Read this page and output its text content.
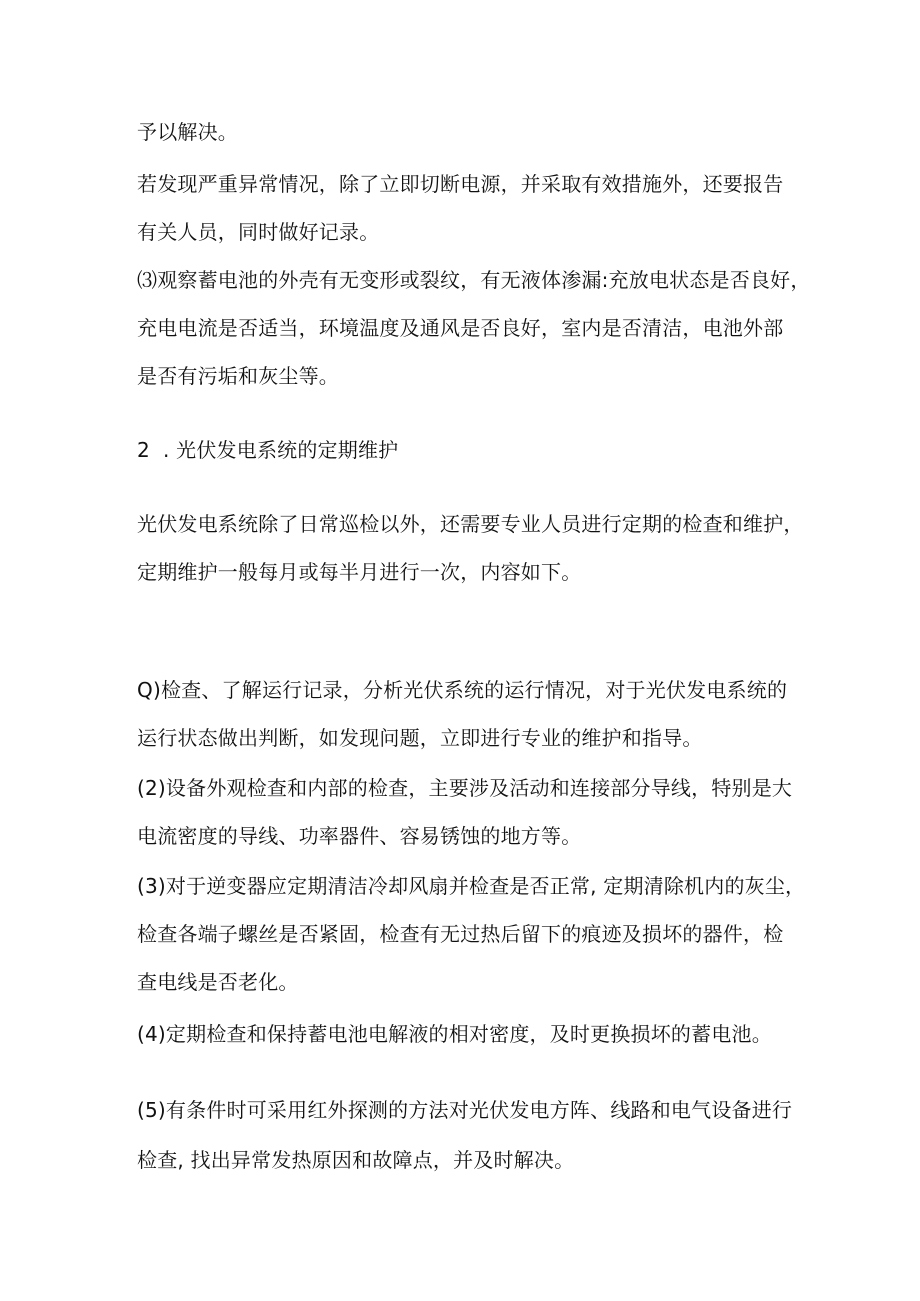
予以解决。
若发现严重异常情况，除了立即切断电源，并采取有效措施外，还要报告
有关人员，同时做好记录。
⑶观察蓄电池的外壳有无变形或裂纹，有无液体渗漏:充放电状态是否良好，
充电电流是否适当，环境温度及通风是否良好，室内是否清洁，电池外部
是否有污垢和灰尘等。
2  . 光伏发电系统的定期维护
光伏发电系统除了日常巡检以外，还需要专业人员进行定期的检查和维护，
定期维护一般每月或每半月进行一次，内容如下。
Q)检查、了解运行记录，分析光伏系统的运行情况，对于光伏发电系统的
运行状态做出判断，如发现问题，立即进行专业的维护和指导。
(2)设备外观检查和内部的检查，主要涉及活动和连接部分导线，特别是大
电流密度的导线、功率器件、容易锈蚀的地方等。
(3)对于逆变器应定期清洁冷却风扇并检查是否正常, 定期清除机内的灰尘，
检查各端子螺丝是否紧固，检查有无过热后留下的痕迹及损坏的器件，检
查电线是否老化。
(4)定期检查和保持蓄电池电解液的相对密度，及时更换损坏的蓄电池。
(5)有条件时可采用红外探测的方法对光伏发电方阵、线路和电气设备进行
检查, 找出异常发热原因和故障点，并及时解决。
